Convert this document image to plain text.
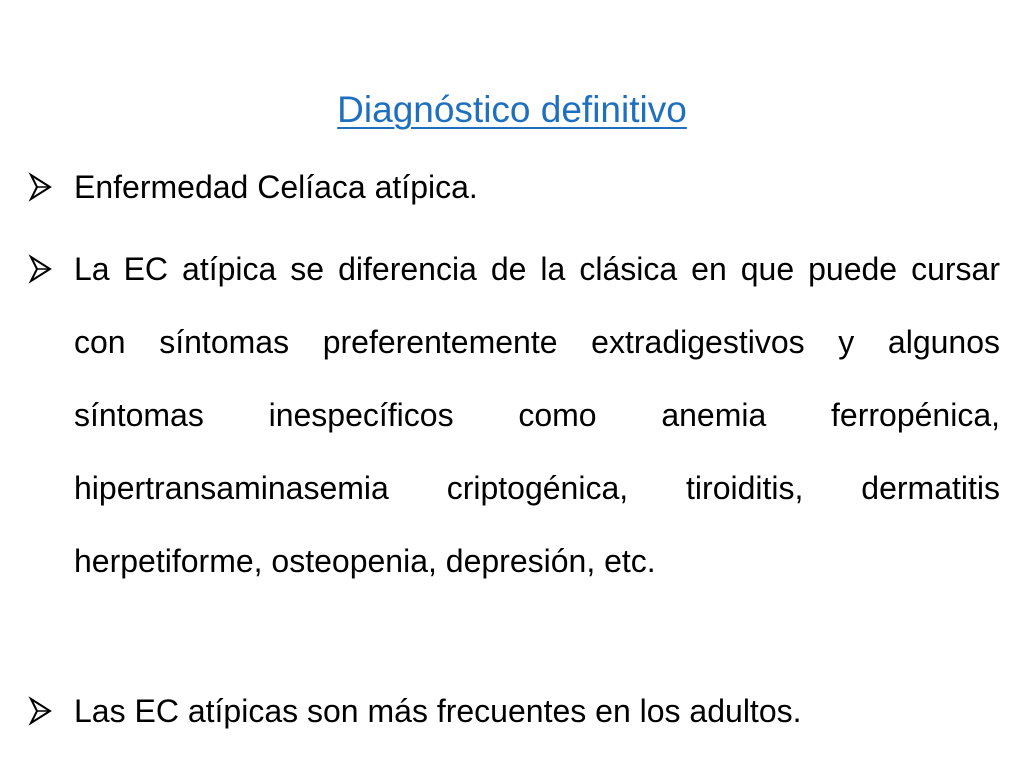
Diagnóstico definitivo
Enfermedad Celíaca atípica.
La EC atípica se diferencia de la clásica en que puede cursar con síntomas preferentemente extradigestivos y algunos síntomas inespecíficos como anemia ferropénica, hipertransaminasemia criptogénica, tiroiditis, dermatitis herpetiforme, osteopenia, depresión, etc.
Las EC atípicas son más frecuentes en los adultos.
